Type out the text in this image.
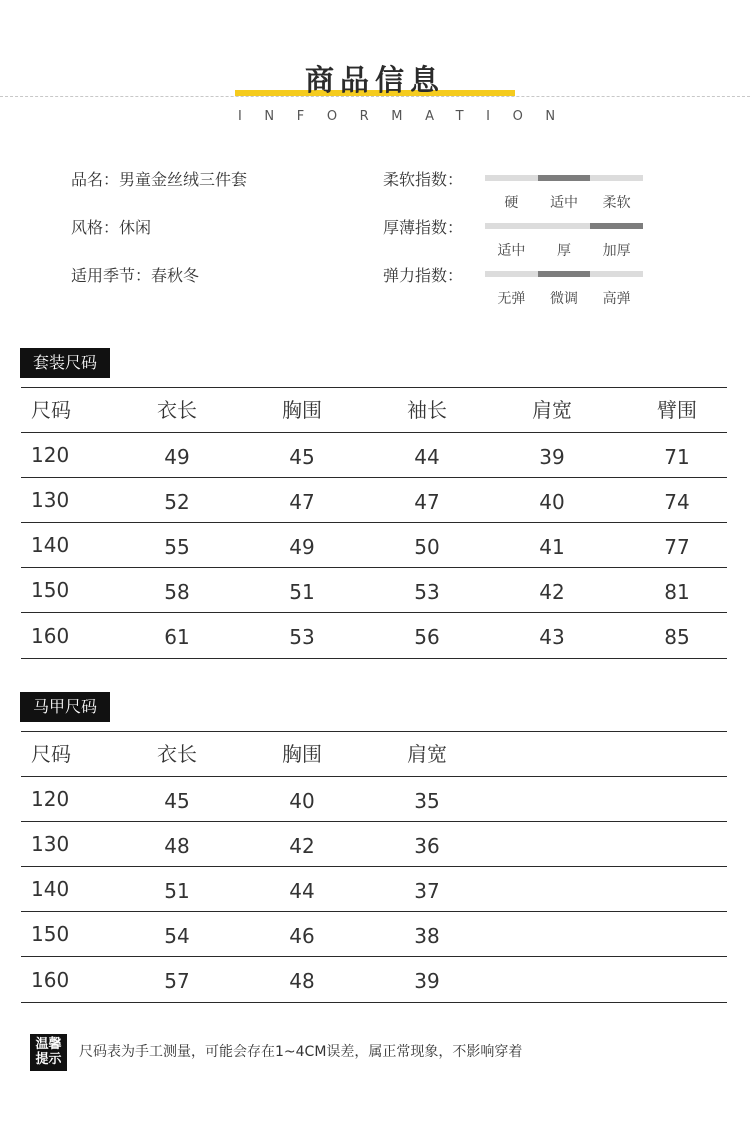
商品信息
INFORMATION
品名：男童金丝绒三件套
风格：休闲
适用季节：春秋冬
柔软指数：
硬	适中	柔软
厚薄指数：
适中	厚	加厚
弹力指数：
无弹	微调	高弹
套装尺码
尺码	衣长	胸围	袖长	肩宽	臂围
120	49	45	44	39	71
130	52	47	47	40	74
140	55	49	50	41	77
150	58	51	53	42	81
160	61	53	56	43	85
马甲尺码
尺码	衣长	胸围	肩宽
120	45	40	35
130	48	42	36
140	51	44	37
150	54	46	38
160	57	48	39
温馨
提示	尺码表为手工测量，可能会存在1~4CM误差，属正常现象，不影响穿着
